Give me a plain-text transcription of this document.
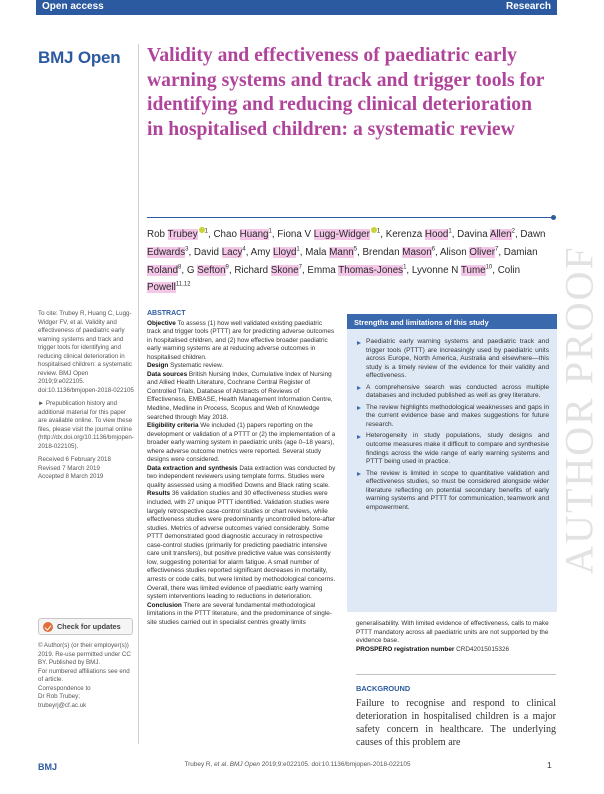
Open access	Research
BMJ Open Validity and effectiveness of paediatric early warning systems and track and trigger tools for identifying and reducing clinical deterioration in hospitalised children: a systematic review
Rob Trubey $^1$, Chao Huang$^1$, Fiona V Lugg-Widger $^1$, Kerenza Hood$^1$, Davina Allen$^2$, Dawn Edwards$^3$, David Lacy$^4$, Amy Lloyd$^1$, Mala Mann$^5$, Brendan Mason$^6$, Alison Oliver$^7$, Damian Roland$^8$, G Sefton$^9$, Richard Skone$^7$, Emma Thomas-Jones$^1$, Lyvonne N Tume$^{10}$, Colin Powell$^{11,12}$	AUTHOR PROOF
To cite: Trubey R, Huang C, Lugg-Widger FV, et al. Validity and effectiveness of paediatric early warning systems and track and trigger tools for identifying and reducing clinical deterioration in hospitalised children: a systematic review. BMJ Open 2019;9:e022105. doi:10.1136/bmjopen-2018-022105
► Prepublication history and additional material for this paper are available online. To view these files, please visit the journal online (http://dx.doi.org/10.1136/bmjopen-2018-022105).
Received 6 February 2018
Revised 7 March 2019
Accepted 8 March 2019
Check for updates
© Author(s) (or their employer(s)) 2019. Re-use permitted under CC BY. Published by BMJ.
For numbered affiliations see end of article.
Correspondence to
Dr Rob Trubey;
trubeyrj@cf.ac.uk
ABSTRACT
Objective To assess (1) how well validated existing paediatric track and trigger tools (PTTT) are for predicting adverse outcomes in hospitalised children, and (2) how effective broader paediatric early warning systems are at reducing adverse outcomes in hospitalised children.
Design Systematic review.
Data sources British Nursing Index, Cumulative Index of Nursing and Allied Health Literature, Cochrane Central Register of Controlled Trials, Database of Abstracts of Reviews of Effectiveness, EMBASE, Health Management Information Centre, Medline, Medline in Process, Scopus and Web of Knowledge searched through May 2018.
Eligibility criteria We included (1) papers reporting on the development or validation of a PTTT or (2) the implementation of a broader early warning system in paediatric units (age 0–18 years), where adverse outcome metrics were reported. Several study designs were considered.
Data extraction and synthesis Data extraction was conducted by two independent reviewers using template forms. Studies were quality assessed using a modified Downs and Black rating scale.
Results 36 validation studies and 30 effectiveness studies were included, with 27 unique PTTT identified. Validation studies were largely retrospective case-control studies or chart reviews, while effectiveness studies were predominantly uncontrolled before-after studies. Metrics of adverse outcomes varied considerably. Some PTTT demonstrated good diagnostic accuracy in retrospective case-control studies (primarily for predicting paediatric intensive care unit transfers), but positive predictive value was consistently low, suggesting potential for alarm fatigue. A small number of effectiveness studies reported significant decreases in mortality, arrests or code calls, but were limited by methodological concerns. Overall, there was limited evidence of paediatric early warning system interventions leading to reductions in deterioration.
Conclusion There are several fundamental methodological limitations in the PTTT literature, and the predominance of single-site studies carried out in specialist centres greatly limits
Strengths and limitations of this study
Paediatric early warning systems and paediatric track and trigger tools (PTTT) are increasingly used by paediatric units across Europe, North America, Australia and elsewhere—this study is a timely review of the evidence for their validity and effectiveness.
A comprehensive search was conducted across multiple databases and included published as well as grey literature.
The review highlights methodological weaknesses and gaps in the current evidence base and makes suggestions for future research.
Heterogeneity in study populations, study designs and outcome measures make it difficult to compare and synthesise findings across the wide range of early warning systems and PTTT being used in practice.
The review is limited in scope to quantitative validation and effectiveness studies, so must be considered alongside wider literature reflecting on potential secondary benefits of early warning systems and PTTT for communication, teamwork and empowerment.
generalisability. With limited evidence of effectiveness, calls to make PTTT mandatory across all paediatric units are not supported by the evidence base.
PROSPERO registration number CRD42015015326
BACKGROUND
Failure to recognise and respond to clinical deterioration in hospitalised children is a major safety concern in healthcare. The underlying causes of this problem are
BMJ	Trubey R, et al. BMJ Open 2019;9:e022105. doi:10.1136/bmjopen-2018-022105	1
